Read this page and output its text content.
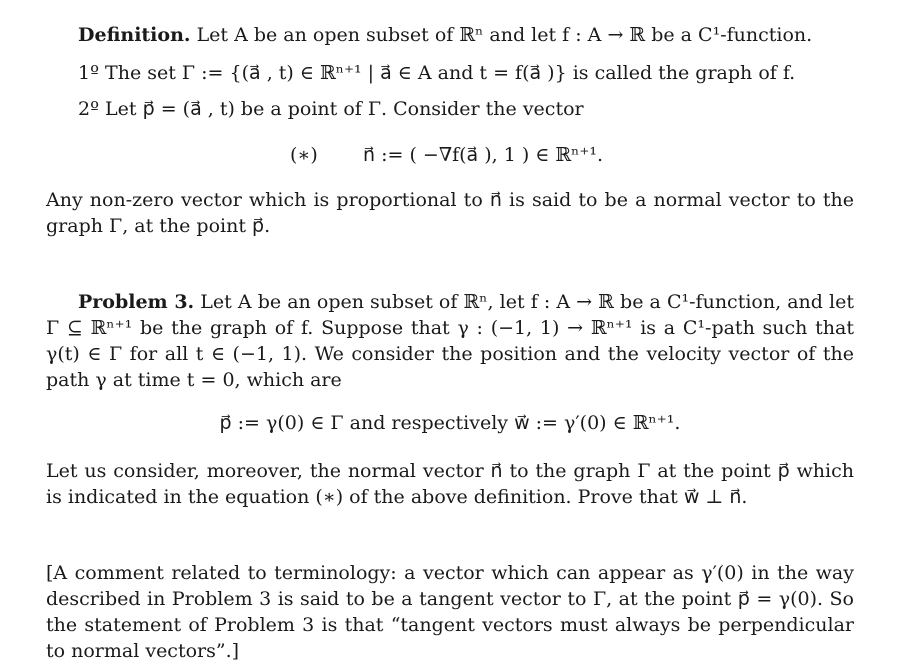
Definition. Let A be an open subset of ℝⁿ and let f : A → ℝ be a C¹-function.
1º The set Γ := {(a⃗ , t) ∈ ℝⁿ⁺¹ | a⃗ ∈ A and t = f(a⃗ )} is called the graph of f.
2º Let p⃗ = (a⃗ , t) be a point of Γ. Consider the vector
(∗) n⃗ := ( −∇f(a⃗ ), 1 ) ∈ ℝⁿ⁺¹.
Any non-zero vector which is proportional to n⃗ is said to be a normal vector to the graph Γ, at the point p⃗.
Problem 3. Let A be an open subset of ℝⁿ, let f : A → ℝ be a C¹-function, and let Γ ⊆ ℝⁿ⁺¹ be the graph of f. Suppose that γ : (−1, 1) → ℝⁿ⁺¹ is a C¹-path such that γ(t) ∈ Γ for all t ∈ (−1, 1). We consider the position and the velocity vector of the path γ at time t = 0, which are
p⃗ := γ(0) ∈ Γ and respectively w⃗ := γ′(0) ∈ ℝⁿ⁺¹.
Let us consider, moreover, the normal vector n⃗ to the graph Γ at the point p⃗ which is indicated in the equation (∗) of the above definition. Prove that w⃗ ⊥ n⃗.
[A comment related to terminology: a vector which can appear as γ′(0) in the way described in Problem 3 is said to be a tangent vector to Γ, at the point p⃗ = γ(0). So the statement of Problem 3 is that “tangent vectors must always be perpendicular to normal vectors”.]
